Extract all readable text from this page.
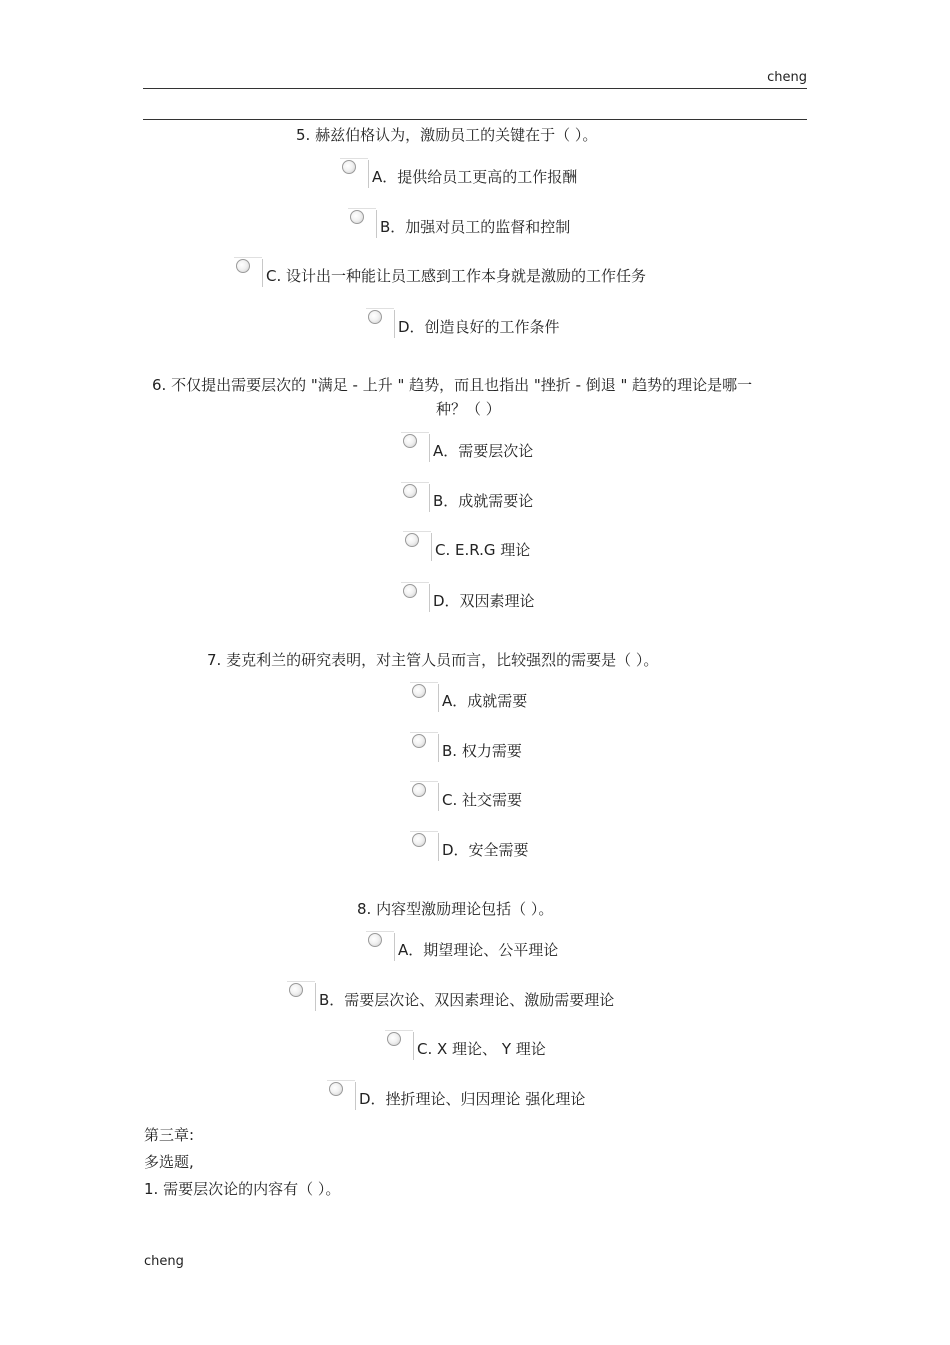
cheng
5. 赫兹伯格认为，激励员工的关键在于（ ）。
A．提供给员工更高的工作报酬
B．加强对员工的监督和控制
C. 设计出一种能让员工感到工作本身就是激励的工作任务
D．创造良好的工作条件
6. 不仅提出需要层次的 "满足 - 上升 " 趋势，而且也指出 "挫折 - 倒退 " 趋势的理论是哪一
种？（ ）
A．需要层次论
B．成就需要论
C. E.R.G 理论
D．双因素理论
7. 麦克利兰的研究表明，对主管人员而言，比较强烈的需要是（ ）。
A．成就需要
B. 权力需要
C. 社交需要
D．安全需要
8. 内容型激励理论包括（ ）。
A．期望理论、公平理论
B．需要层次论、双因素理论、激励需要理论
C. X 理论、 Y 理论
D．挫折理论、归因理论 强化理论
第三章:
多选题,
1. 需要层次论的内容有（ ）。
cheng
